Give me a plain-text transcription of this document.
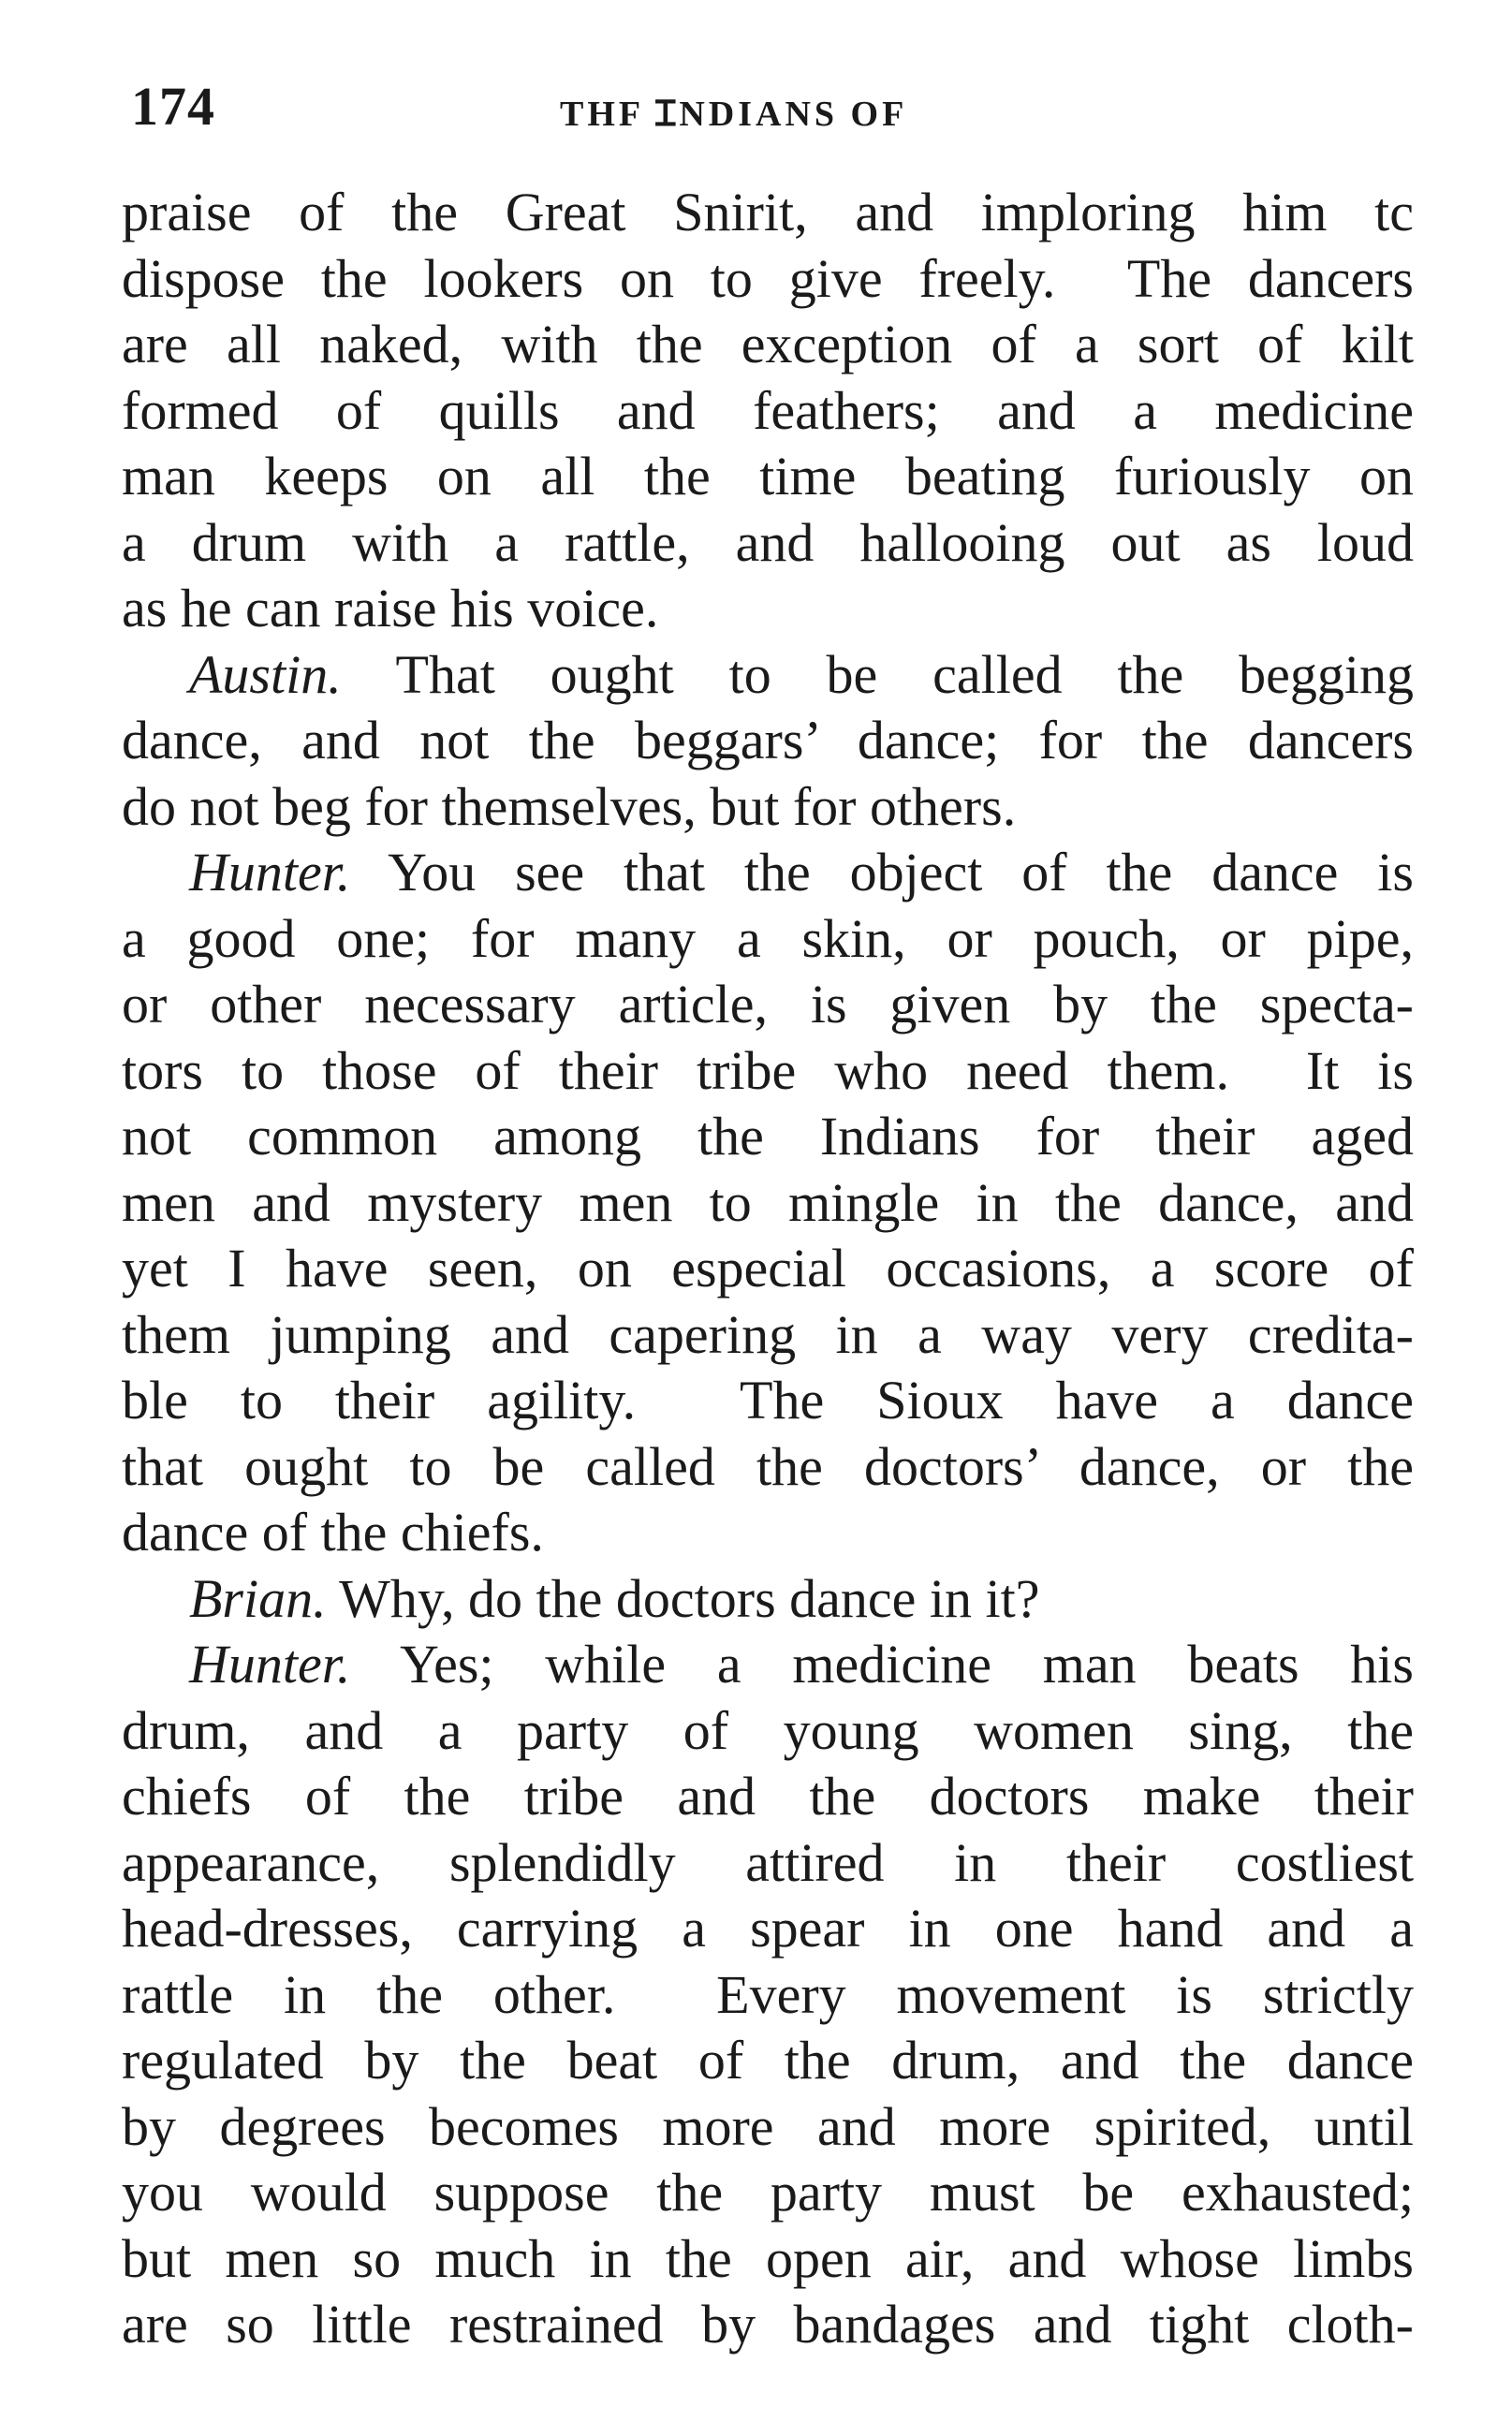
174	THF ꞮNDIANS OF
praise of the Great Snirit, and imploring him tc
dispose the lookers on to give freely.  The dancers
are all naked, with the exception of a sort of kilt
formed of quills and feathers; and a medicine
man keeps on all the time beating furiously on
a drum with a rattle, and hallooing out as loud
as he can raise his voice.
Austin. That ought to be called the begging
dance, and not the beggars’ dance; for the dancers
do not beg for themselves, but for others.
Hunter. You see that the object of the dance is
a good one; for many a skin, or pouch, or pipe,
or other necessary article, is given by the specta-
tors to those of their tribe who need them.  It is
not common among the Indians for their aged
men and mystery men to mingle in the dance, and
yet I have seen, on especial occasions, a score of
them jumping and capering in a way very credita-
ble to their agility.  The Sioux have a dance
that ought to be called the doctors’ dance, or the
dance of the chiefs.
Brian. Why, do the doctors dance in it?
Hunter. Yes; while a medicine man beats his
drum, and a party of young women sing, the
chiefs of the tribe and the doctors make their
appearance, splendidly attired in their costliest
head-dresses, carrying a spear in one hand and a
rattle in the other.  Every movement is strictly
regulated by the beat of the drum, and the dance
by degrees becomes more and more spirited, until
you would suppose the party must be exhausted;
but men so much in the open air, and whose limbs
are so little restrained by bandages and tight cloth-
